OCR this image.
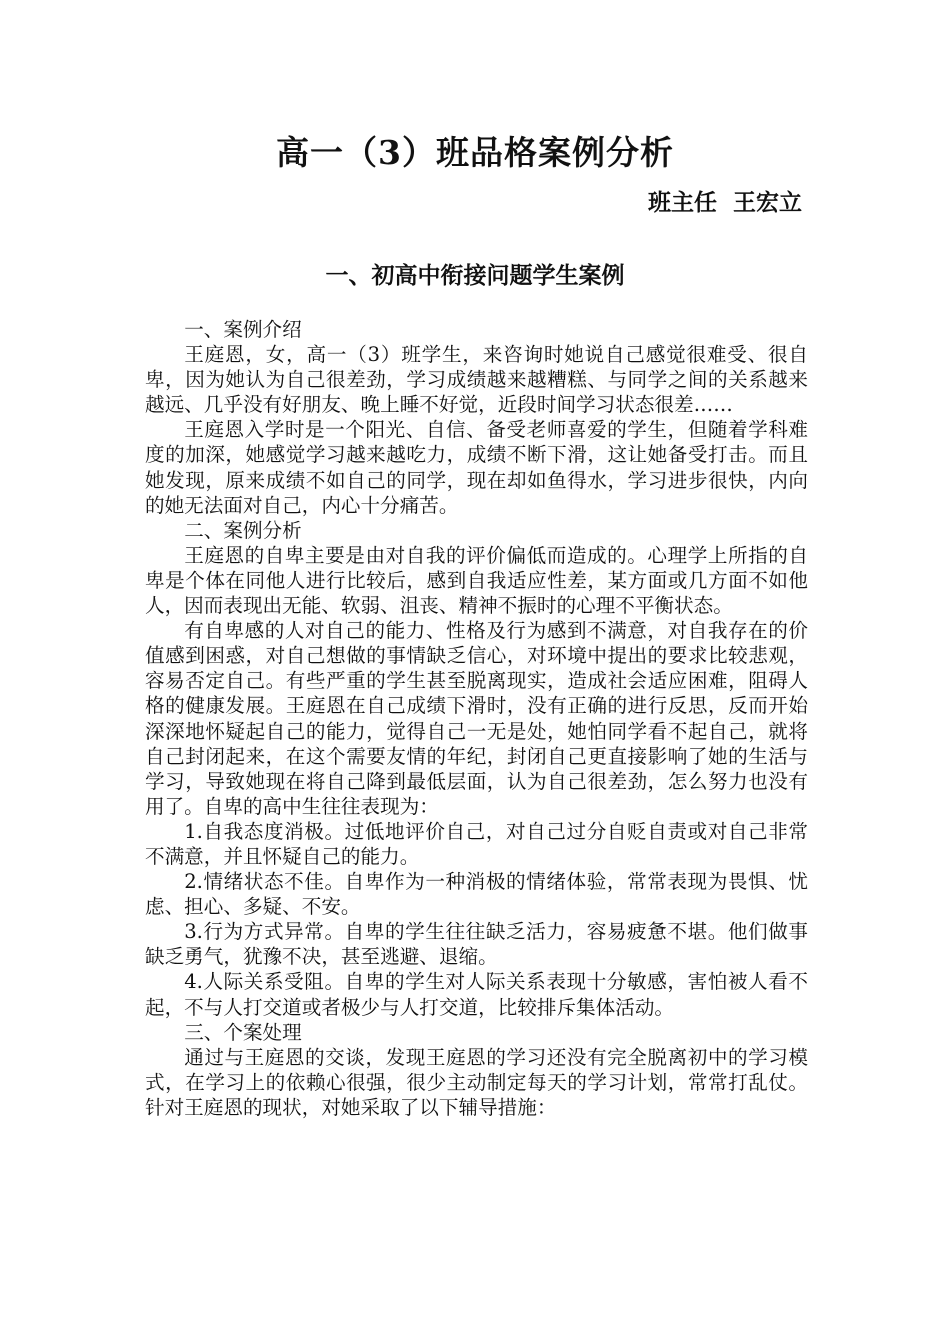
高一（3）班品格案例分析
班主任  王宏立
一、初高中衔接问题学生案例

一、案例介绍

王庭恩，女，高一（3）班学生，来咨询时她说自己感觉很难受、很自卑，因为她认为自己很差劲，学习成绩越来越糟糕、与同学之间的关系越来越远、几乎没有好朋友、晚上睡不好觉，近段时间学习状态很差……

王庭恩入学时是一个阳光、自信、备受老师喜爱的学生，但随着学科难度的加深，她感觉学习越来越吃力，成绩不断下滑，这让她备受打击。而且她发现，原来成绩不如自己的同学，现在却如鱼得水，学习进步很快，内向的她无法面对自己，内心十分痛苦。

二、案例分析

王庭恩的自卑主要是由对自我的评价偏低而造成的。心理学上所指的自卑是个体在同他人进行比较后，感到自我适应性差，某方面或几方面不如他人，因而表现出无能、软弱、沮丧、精神不振时的心理不平衡状态。

有自卑感的人对自己的能力、性格及行为感到不满意，对自我存在的价值感到困惑，对自己想做的事情缺乏信心，对环境中提出的要求比较悲观，容易否定自己。有些严重的学生甚至脱离现实，造成社会适应困难，阻碍人格的健康发展。王庭恩在自己成绩下滑时，没有正确的进行反思，反而开始深深地怀疑起自己的能力，觉得自己一无是处，她怕同学看不起自己，就将自己封闭起来，在这个需要友情的年纪，封闭自己更直接影响了她的生活与学习，导致她现在将自己降到最低层面，认为自己很差劲，怎么努力也没有用了。自卑的高中生往往表现为：

1.自我态度消极。过低地评价自己，对自己过分自贬自责或对自己非常不满意，并且怀疑自己的能力。

2.情绪状态不佳。自卑作为一种消极的情绪体验，常常表现为畏惧、忧虑、担心、多疑、不安。

3.行为方式异常。自卑的学生往往缺乏活力，容易疲惫不堪。他们做事缺乏勇气，犹豫不决，甚至逃避、退缩。

4.人际关系受阻。自卑的学生对人际关系表现十分敏感，害怕被人看不起，不与人打交道或者极少与人打交道，比较排斥集体活动。

三、个案处理

通过与王庭恩的交谈，发现王庭恩的学习还没有完全脱离初中的学习模式，在学习上的依赖心很强，很少主动制定每天的学习计划，常常打乱仗。针对王庭恩的现状，对她采取了以下辅导措施：
